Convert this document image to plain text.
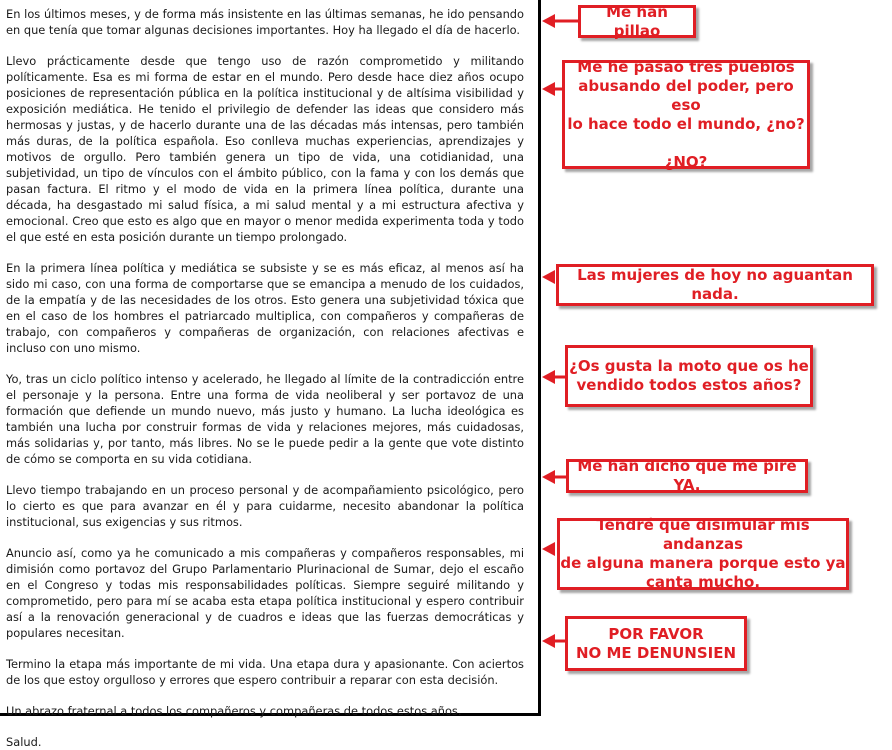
En los últimos meses, y de forma más insistente en las últimas semanas, he ido pensando en que tenía que tomar algunas decisiones importantes. Hoy ha llegado el día de hacerlo.

Llevo prácticamente desde que tengo uso de razón comprometido y militando políticamente. Esa es mi forma de estar en el mundo. Pero desde hace diez años ocupo posiciones de representación pública en la política institucional y de altísima visibilidad y exposición mediática. He tenido el privilegio de defender las ideas que considero más hermosas y justas, y de hacerlo durante una de las décadas más intensas, pero también más duras, de la política española. Eso conlleva muchas experiencias, aprendizajes y motivos de orgullo. Pero también genera un tipo de vida, una cotidianidad, una subjetividad, un tipo de vínculos con el ámbito público, con la fama y con los demás que pasan factura. El ritmo y el modo de vida en la primera línea política, durante una década, ha desgastado mi salud física, a mi salud mental y a mi estructura afectiva y emocional. Creo que esto es algo que en mayor o menor medida experimenta toda y todo el que esté en esta posición durante un tiempo prolongado.

En la primera línea política y mediática se subsiste y se es más eficaz, al menos así ha sido mi caso, con una forma de comportarse que se emancipa a menudo de los cuidados, de la empatía y de las necesidades de los otros. Esto genera una subjetividad tóxica que en el caso de los hombres el patriarcado multiplica, con compañeros y compañeras de trabajo, con compañeros y compañeras de organización, con relaciones afectivas e incluso con uno mismo.

Yo, tras un ciclo político intenso y acelerado, he llegado al límite de la contradicción entre el personaje y la persona. Entre una forma de vida neoliberal y ser portavoz de una formación que defiende un mundo nuevo, más justo y humano. La lucha ideológica es también una lucha por construir formas de vida y relaciones mejores, más cuidadosas, más solidarias y, por tanto, más libres. No se le puede pedir a la gente que vote distinto de cómo se comporta en su vida cotidiana.

Llevo tiempo trabajando en un proceso personal y de acompañamiento psicológico, pero lo cierto es que para avanzar en él y para cuidarme, necesito abandonar la política institucional, sus exigencias y sus ritmos.

Anuncio así, como ya he comunicado a mis compañeras y compañeros responsables, mi dimisión como portavoz del Grupo Parlamentario Plurinacional de Sumar, dejo el escaño en el Congreso y todas mis responsabilidades políticas. Siempre seguiré militando y comprometido, pero para mí se acaba esta etapa política institucional y espero contribuir así a la renovación generacional y de cuadros e ideas que las fuerzas democráticas y populares necesitan.

Termino la etapa más importante de mi vida. Una etapa dura y apasionante. Con aciertos de los que estoy orgulloso y errores que espero contribuir a reparar con esta decisión.

Un abrazo fraternal a todos los compañeros y compañeras de todos estos años.

Salud.

Me han pillao
Me he pasao tres pueblos
abusando del poder, pero eso
lo hace todo el mundo, ¿no?

¿NO?
Las mujeres de hoy no aguantan nada.
¿Os gusta la moto que os he
vendido todos estos años?
Me han dicho que me pire YA.
Tendré que disimular mis andanzas
de alguna manera porque esto ya
canta mucho.
POR FAVOR
NO ME DENUNSIEN
